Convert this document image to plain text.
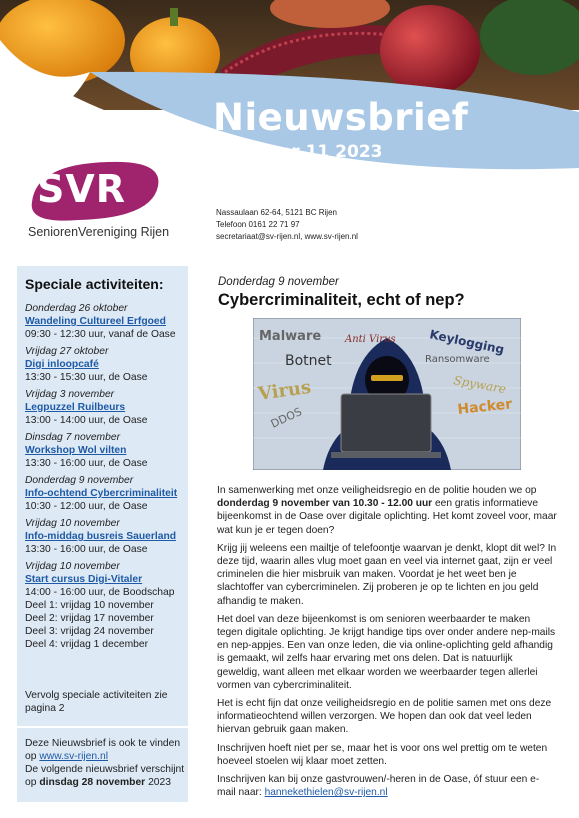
Nieuwsbrief
Nummer 11 2023
SVR
SeniorenVereniging Rijen
Nassaulaan 62-64, 5121 BC Rijen
Telefoon 0161 22 71 97
secretariaat@sv-rijen.nl, www.sv-rijen.nl
Speciale activiteiten:
Donderdag 26 oktober
Wandeling Cultureel Erfgoed
09:30 - 12:30 uur, vanaf de Oase
Vrijdag 27 oktober
Digi inloopcafé
13:30 - 15:30 uur, de Oase
Vrijdag 3 november
Legpuzzel Ruilbeurs
13:00 - 14:00 uur, de Oase
Dinsdag 7 november
Workshop Wol vilten
13:30 - 16:00 uur, de Oase
Donderdag 9 november
Info-ochtend Cybercriminaliteit
10:30 - 12:00 uur, de Oase
Vrijdag 10 november
Info-middag busreis Sauerland
13:30 - 16:00 uur, de Oase
Vrijdag 10 november
Start cursus Digi-Vitaler
14:00 - 16:00 uur, de Boodschap
Deel 1: vrijdag 10 november
Deel 2: vrijdag 17 november
Deel 3: vrijdag 24 november
Deel 4: vrijdag 1 december
Vervolg speciale activiteiten zie pagina 2
Deze Nieuwsbrief is ook te vinden
op www.sv-rijen.nl
De volgende nieuwsbrief verschijnt
op dinsdag 28 november 2023
Donderdag 9 november
Cybercriminaliteit, echt of nep?
Malware Anti Virus	Keylogging
Botnet	Ransomware
Virus
DDOS
Spyware
Hacker

In samenwerking met onze veiligheidsregio en de politie houden we op donderdag 9 november van 10.30 - 12.00 uur een gratis informatieve bijeenkomst in de Oase over digitale oplichting. Het komt zoveel voor, maar wat kun je er tegen doen?

Krijg jij weleens een mailtje of telefoontje waarvan je denkt, klopt dit wel? In deze tijd, waarin alles vlug moet gaan en veel via internet gaat, zijn er veel criminelen die hier misbruik van maken. Voordat je het weet ben je slachtoffer van cybercriminelen. Zij proberen je op te lichten en jou geld afhandig te maken.

Het doel van deze bijeenkomst is om senioren weerbaarder te maken tegen digitale oplichting. Je krijgt handige tips over onder andere nep-mails en nep-appjes. Een van onze leden, die via online-oplichting geld afhandig is gemaakt, wil zelfs haar ervaring met ons delen. Dat is natuurlijk geweldig, want alleen met elkaar worden we weerbaarder tegen allerlei vormen van cybercriminaliteit.

Het is echt fijn dat onze veiligheidsregio en de politie samen met ons deze informatieochtend willen verzorgen. We hopen dan ook dat veel leden hiervan gebruik gaan maken.

Inschrijven hoeft niet per se, maar het is voor ons wel prettig om te weten hoeveel stoelen wij klaar moet zetten.

Inschrijven kan bij onze gastvrouwen/-heren in de Oase, óf stuur een e-mail naar: hannekethielen@sv-rijen.nl
